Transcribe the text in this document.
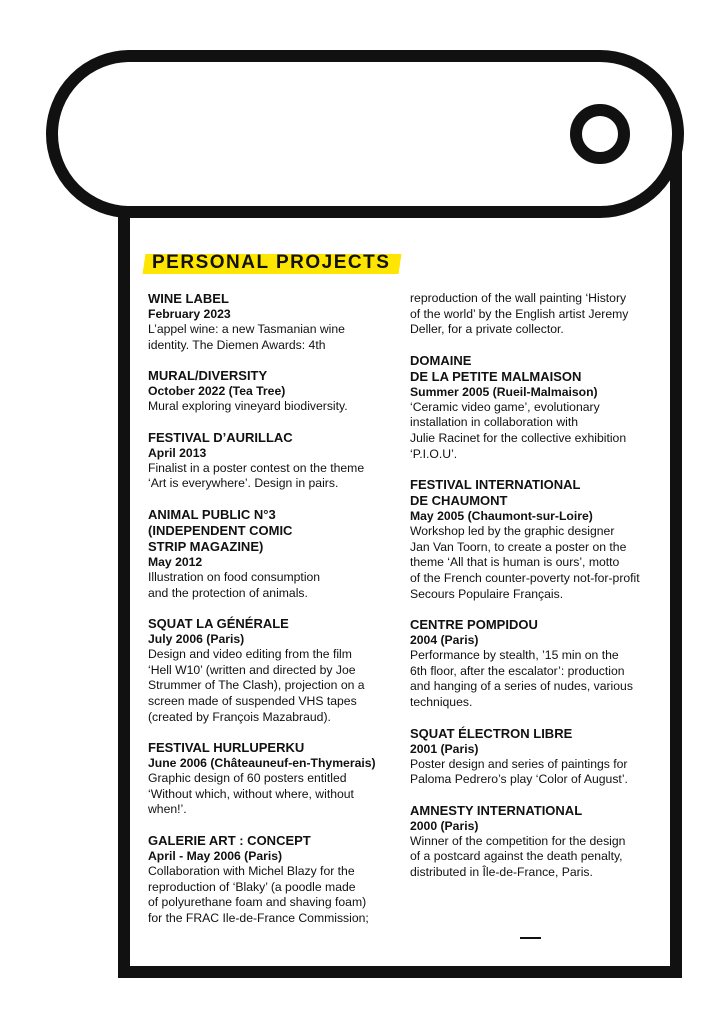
PERSONAL PROJECTS
WINE LABEL
February 2023
L’appel wine: a new Tasmanian wine
identity. The Diemen Awards: 4th
MURAL/DIVERSITY
October 2022 (Tea Tree)
Mural exploring vineyard biodiversity.
FESTIVAL D’AURILLAC
April 2013
Finalist in a poster contest on the theme
‘Art is everywhere’. Design in pairs.
ANIMAL PUBLIC N°3
(INDEPENDENT COMIC
STRIP MAGAZINE)
May 2012
Illustration on food consumption
and the protection of animals.
SQUAT LA GÉNÉRALE
July 2006 (Paris)
Design and video editing from the film
‘Hell W10’ (written and directed by Joe
Strummer of The Clash), projection on a
screen made of suspended VHS tapes
(created by François Mazabraud).
FESTIVAL HURLUPERKU
June 2006 (Châteauneuf-en-Thymerais)
Graphic design of 60 posters entitled
‘Without which, without where, without
when!’.
GALERIE ART : CONCEPT
April - May 2006 (Paris)
Collaboration with Michel Blazy for the
reproduction of ‘Blaky’ (a poodle made
of polyurethane foam and shaving foam)
for the FRAC Ile-de-France Commission;
reproduction of the wall painting ‘History
of the world’ by the English artist Jeremy
Deller, for a private collector.
DOMAINE
DE LA PETITE MALMAISON
Summer 2005 (Rueil-Malmaison)
‘Ceramic video game’, evolutionary
installation in collaboration with
Julie Racinet for the collective exhibition
‘P.I.O.U’.
FESTIVAL INTERNATIONAL
DE CHAUMONT
May 2005 (Chaumont-sur-Loire)
Workshop led by the graphic designer
Jan Van Toorn, to create a poster on the
theme ‘All that is human is ours’, motto
of the French counter-poverty not-for-profit
Secours Populaire Français.
CENTRE POMPIDOU
2004 (Paris)
Performance by stealth, ’15 min on the
6th floor, after the escalator’: production
and hanging of a series of nudes, various
techniques.
SQUAT ÉLECTRON LIBRE
2001 (Paris)
Poster design and series of paintings for
Paloma Pedrero’s play ‘Color of August’.
AMNESTY INTERNATIONAL
2000 (Paris)
Winner of the competition for the design
of a postcard against the death penalty,
distributed in Île-de-France, Paris.
